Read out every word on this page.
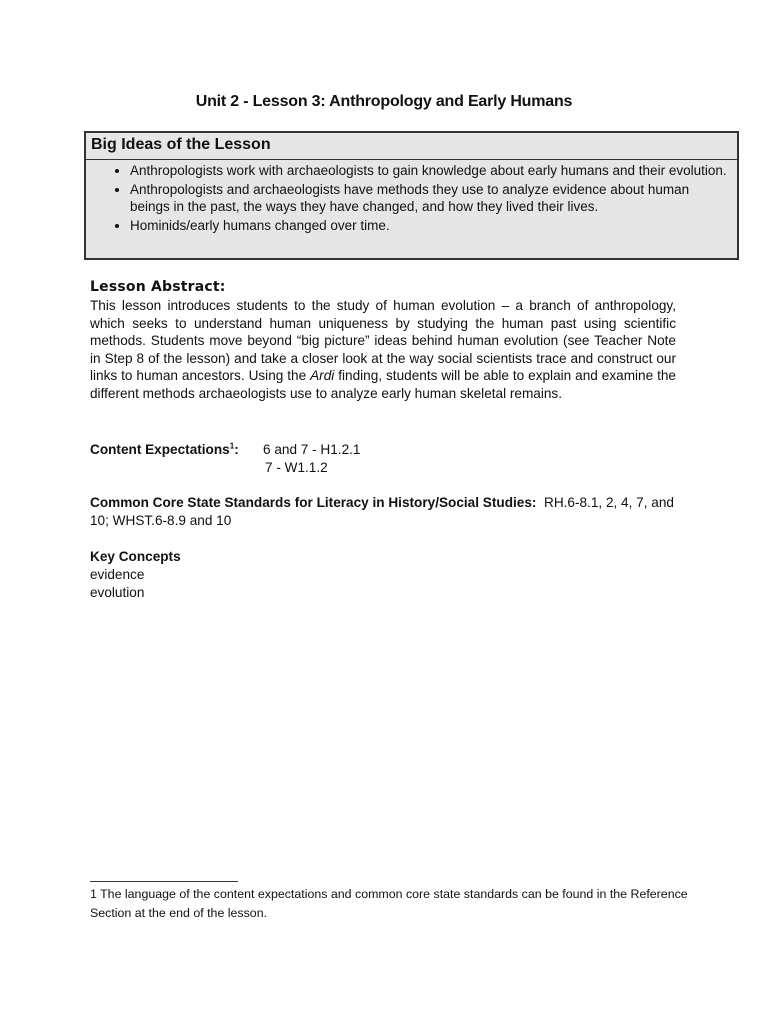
Unit 2 - Lesson 3: Anthropology and Early Humans
Big Ideas of the Lesson
• Anthropologists work with archaeologists to gain knowledge about early humans and their evolution.
• Anthropologists and archaeologists have methods they use to analyze evidence about human beings in the past, the ways they have changed, and how they lived their lives.
• Hominids/early humans changed over time.
Lesson Abstract:

This lesson introduces students to the study of human evolution – a branch of anthropology, which seeks to understand human uniqueness by studying the human past using scientific methods. Students move beyond “big picture” ideas behind human evolution (see Teacher Note in Step 8 of the lesson) and take a closer look at the way social scientists trace and construct our links to human ancestors. Using the Ardi finding, students will be able to explain and examine the different methods archaeologists use to analyze early human skeletal remains.

Content Expectations$^1$: 6 and 7 - H1.2.1
7 - W1.1.2

Common Core State Standards for Literacy in History/Social Studies: RH.6-8.1, 2, 4, 7, and 10; WHST.6-8.9 and 10

Key Concepts
evidence
evolution

1 The language of the content expectations and common core state standards can be found in the Reference Section at the end of the lesson.
